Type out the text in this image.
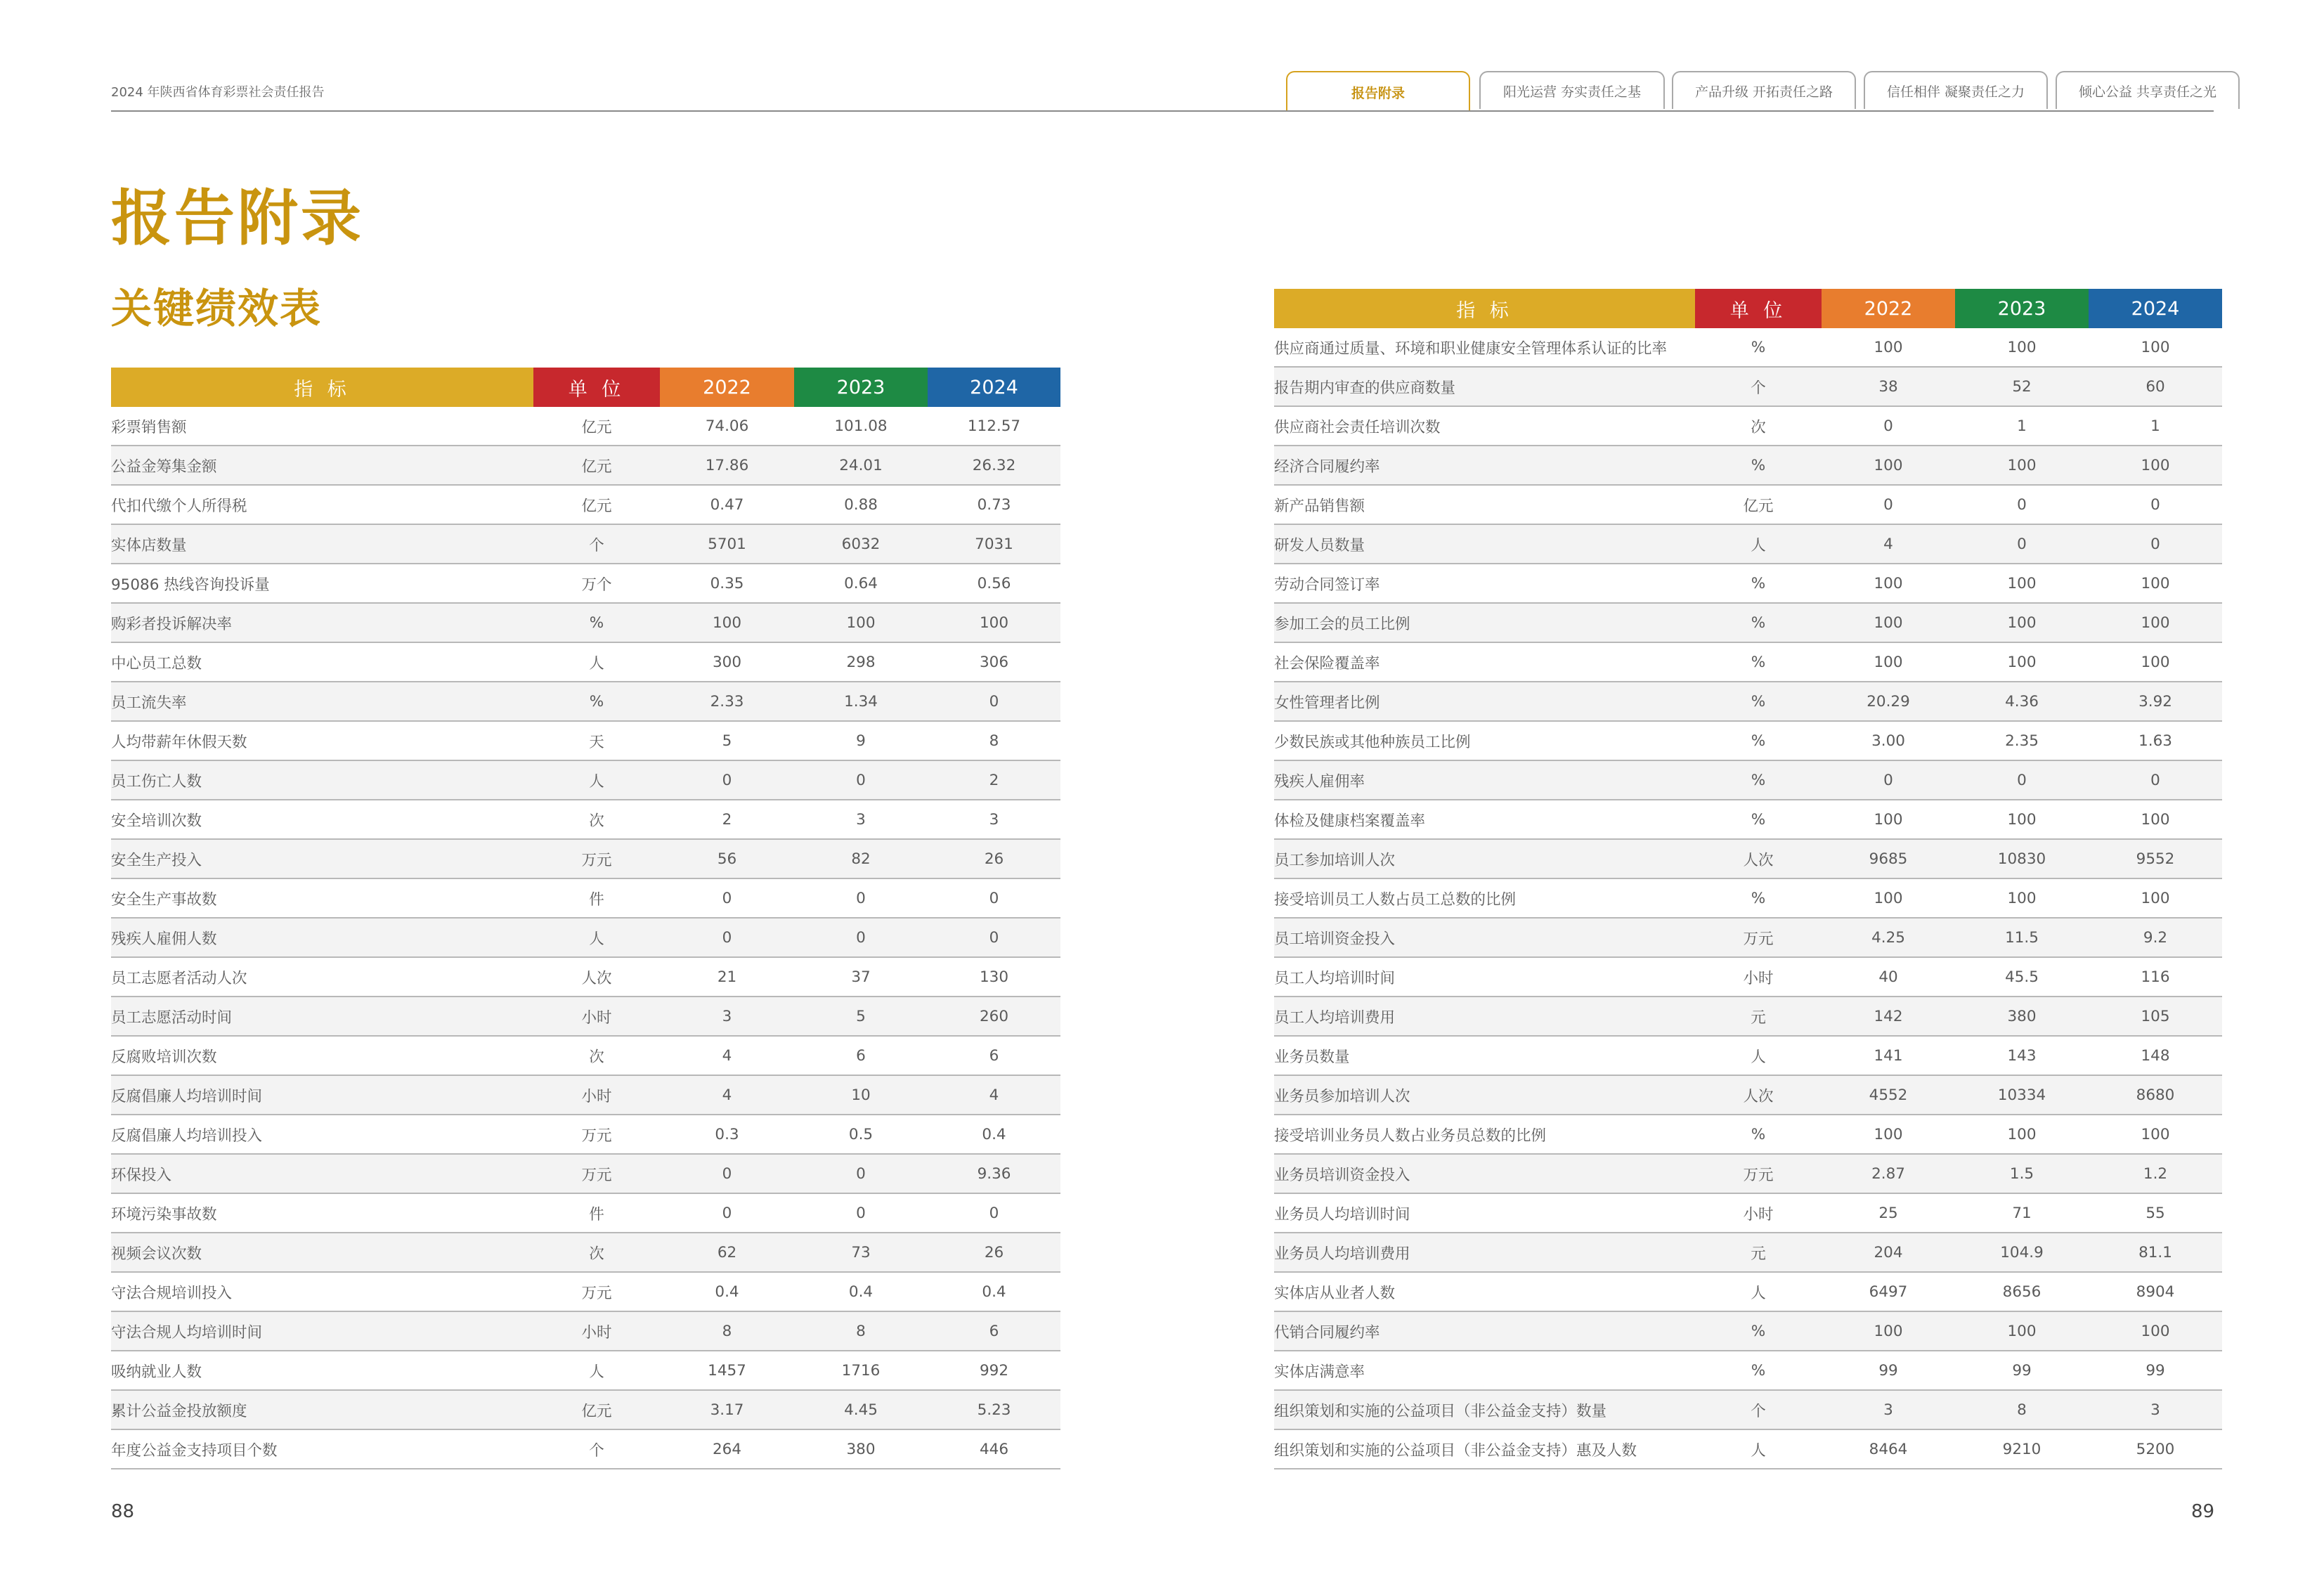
2024 年陕西省体育彩票社会责任报告	报告附录	阳光运营 夯实责任之基	产品升级 开拓责任之路	信任相伴 凝聚责任之力	倾心公益 共享责任之光
报告附录
关键绩效表
指 标	单 位	2022	2023	2024
彩票销售额	亿元	74.06	101.08	112.57
公益金筹集金额	亿元	17.86	24.01	26.32
代扣代缴个人所得税	亿元	0.47	0.88	0.73
实体店数量	个	5701	6032	7031
95086 热线咨询投诉量	万个	0.35	0.64	0.56
购彩者投诉解决率	%	100	100	100
中心员工总数	人	300	298	306
员工流失率	%	2.33	1.34	0
人均带薪年休假天数	天	5	9	8
员工伤亡人数	人	0	0	2
安全培训次数	次	2	3	3
安全生产投入	万元	56	82	26
安全生产事故数	件	0	0	0
残疾人雇佣人数	人	0	0	0
员工志愿者活动人次	人次	21	37	130
员工志愿活动时间	小时	3	5	260
反腐败培训次数	次	4	6	6
反腐倡廉人均培训时间	小时	4	10	4
反腐倡廉人均培训投入	万元	0.3	0.5	0.4
环保投入	万元	0	0	9.36
环境污染事故数	件	0	0	0
视频会议次数	次	62	73	26
守法合规培训投入	万元	0.4	0.4	0.4
守法合规人均培训时间	小时	8	8	6
吸纳就业人数	人	1457	1716	992
累计公益金投放额度	亿元	3.17	4.45	5.23
年度公益金支持项目个数	个	264	380	446
指 标	单 位	2022	2023	2024
供应商通过质量、环境和职业健康安全管理体系认证的比率	%	100	100	100
报告期内审查的供应商数量	个	38	52	60
供应商社会责任培训次数	次	0	1	1
经济合同履约率	%	100	100	100
新产品销售额	亿元	0	0	0
研发人员数量	人	4	0	0
劳动合同签订率	%	100	100	100
参加工会的员工比例	%	100	100	100
社会保险覆盖率	%	100	100	100
女性管理者比例	%	20.29	4.36	3.92
少数民族或其他种族员工比例	%	3.00	2.35	1.63
残疾人雇佣率	%	0	0	0
体检及健康档案覆盖率	%	100	100	100
员工参加培训人次	人次	9685	10830	9552
接受培训员工人数占员工总数的比例	%	100	100	100
员工培训资金投入	万元	4.25	11.5	9.2
员工人均培训时间	小时	40	45.5	116
员工人均培训费用	元	142	380	105
业务员数量	人	141	143	148
业务员参加培训人次	人次	4552	10334	8680
接受培训业务员人数占业务员总数的比例	%	100	100	100
业务员培训资金投入	万元	2.87	1.5	1.2
业务员人均培训时间	小时	25	71	55
业务员人均培训费用	元	204	104.9	81.1
实体店从业者人数	人	6497	8656	8904
代销合同履约率	%	100	100	100
实体店满意率	%	99	99	99
组织策划和实施的公益项目（非公益金支持）数量	个	3	8	3
组织策划和实施的公益项目（非公益金支持）惠及人数	人	8464	9210	5200
88	89
